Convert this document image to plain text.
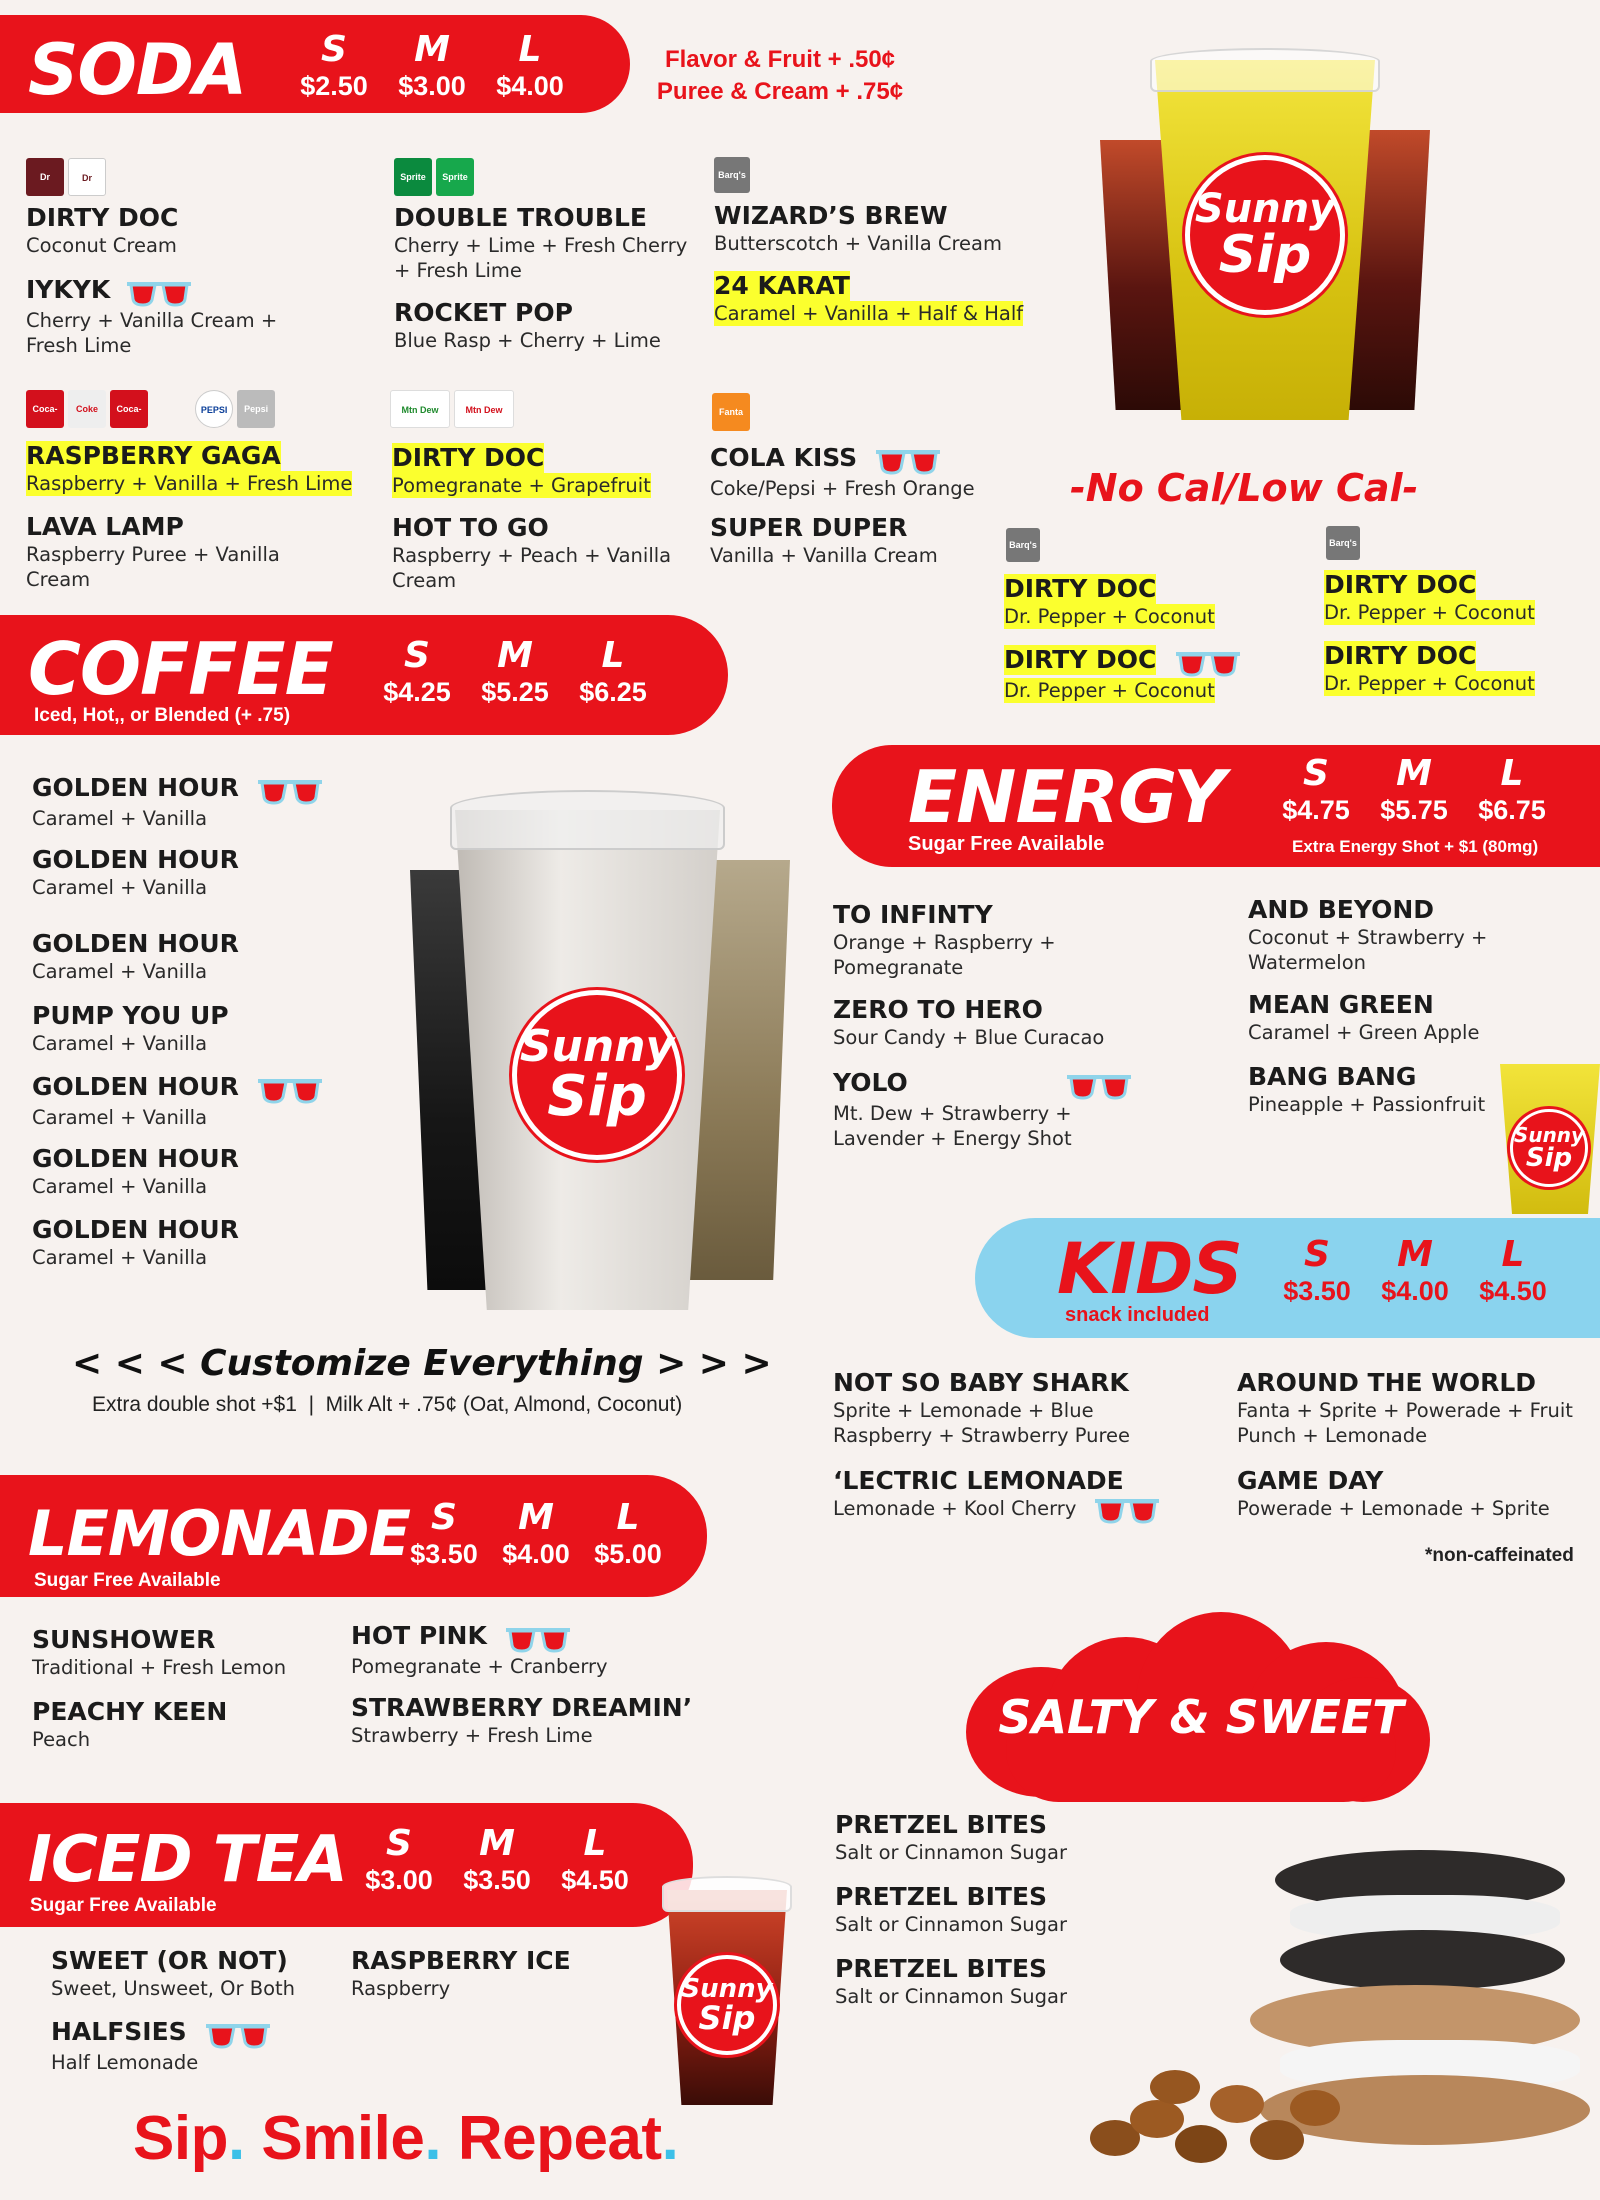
SODA	S
$2.50
M
$3.00
L
$4.00
Flavor & Fruit + .50¢
Puree & Cream + .75¢
Dr	Dr
DIRTY DOC
Coconut Cream
IYKYK
Cherry + Vanilla Cream + Fresh Lime
Sprite Sprite
DOUBLE TROUBLE
Cherry + Lime + Fresh Cherry + Fresh Lime
ROCKET POP
Blue Rasp + Cherry + Lime
Barq's
WIZARD’S BREW
Butterscotch + Vanilla Cream
24 KARAT
Caramel + Vanilla + Half & Half
Coca- Coke Coca-	PEPSI Pepsi
RASPBERRY GAGA
Raspberry + Vanilla + Fresh Lime
LAVA LAMP
Raspberry Puree + Vanilla Cream
Mtn Dew	Mtn Dew
DIRTY DOC
Pomegranate + Grapefruit
HOT TO GO
Raspberry + Peach + Vanilla Cream
Fanta
COLA KISS
Coke/Pepsi + Fresh Orange
SUPER DUPER
Vanilla + Vanilla Cream
Sunny
Sip
-No Cal/Low Cal-
Barq's	Barq's
DIRTY DOC
Dr. Pepper + Coconut
DIRTY DOC
Dr. Pepper + Coconut
DIRTY DOC
Dr. Pepper + Coconut
DIRTY DOC
Dr. Pepper + Coconut
COFFEE
Iced, Hot,, or Blended (+ .75)
S
$4.25
M
$5.25
L
$6.25
GOLDEN HOUR
Caramel + Vanilla
GOLDEN HOUR
Caramel + Vanilla
GOLDEN HOUR
Caramel + Vanilla
PUMP YOU UP
Caramel + Vanilla
GOLDEN HOUR
Caramel + Vanilla
GOLDEN HOUR
Caramel + Vanilla
GOLDEN HOUR
Caramel + Vanilla
Sunny
Sip
< < < Customize Everything > > >
Extra double shot +$1  |  Milk Alt + .75¢ (Oat, Almond, Coconut)
ENERGY
Sugar Free Available	Extra Energy Shot + $1 (80mg)
S
$4.75
M
$5.75
L
$6.75
TO INFINTY
Orange + Raspberry + Pomegranate
ZERO TO HERO
Sour Candy + Blue Curacao
YOLO
Mt. Dew + Strawberry + Lavender + Energy Shot
AND BEYOND
Coconut + Strawberry + Watermelon
MEAN GREEN
Caramel + Green Apple
BANG BANG
Pineapple + Passionfruit
Sunny
Sip
KIDS
snack included
S
$3.50
M
$4.00
L
$4.50
NOT SO BABY SHARK
Sprite + Lemonade + Blue Raspberry + Strawberry Puree
‘LECTRIC LEMONADE
Lemonade + Kool Cherry
AROUND THE WORLD
Fanta + Sprite + Powerade + Fruit Punch + Lemonade
GAME DAY
Powerade + Lemonade + Sprite
*non-caffeinated
LEMONADE
Sugar Free Available
S
$3.50
M
$4.00
L
$5.00
SUNSHOWER
Traditional + Fresh Lemon
PEACHY KEEN
Peach
HOT PINK
Pomegranate + Cranberry
STRAWBERRY DREAMIN’
Strawberry + Fresh Lime	SALTY & SWEET
PRETZEL BITES
Salt or Cinnamon Sugar
PRETZEL BITES
Salt or Cinnamon Sugar
PRETZEL BITES
Salt or Cinnamon Sugar
ICED TEA
Sugar Free Available
S
$3.00
M
$3.50
L
$4.50
SWEET (OR NOT)
Sweet, Unsweet, Or Both
HALFSIES
Half Lemonade
RASPBERRY ICE
Raspberry	Sunny
Sip
Sip. Smile. Repeat.
